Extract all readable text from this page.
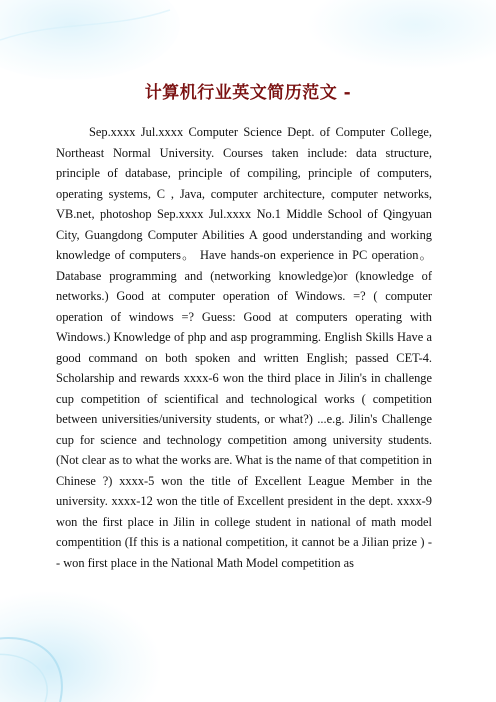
计算机行业英文简历范文 -

Sep.xxxx Jul.xxxx Computer Science Dept. of Computer College, Northeast Normal University. Courses taken include: data structure, principle of database, principle of compiling, principle of computers, operating systems, C , Java, computer architecture, computer networks, VB.net, photoshop Sep.xxxx Jul.xxxx No.1 Middle School of Qingyuan City, Guangdong Computer Abilities A good understanding and working knowledge of computers。 Have hands-on experience in PC operation。 Database programming and (networking knowledge)or (knowledge of networks.) Good at computer operation of Windows. =? ( computer operation of windows =? Guess: Good at computers operating with Windows.) Knowledge of php and asp programming. English Skills Have a good command on both spoken and written English; passed CET-4. Scholarship and rewards xxxx-6 won the third place in Jilin's in challenge cup competition of scientifical and technological works ( competition between universities/university students, or what?) ...e.g. Jilin's Challenge cup for science and technology competition among university students. (Not clear as to what the works are. What is the name of that competition in Chinese ?) xxxx-5 won the title of Excellent League Member in the university. xxxx-12 won the title of Excellent president in the dept. xxxx-9 won the first place in Jilin in college student in national of math model compentition (If this is a national competition, it cannot be a Jilian prize ) -- won first place in the National Math Model competition as
